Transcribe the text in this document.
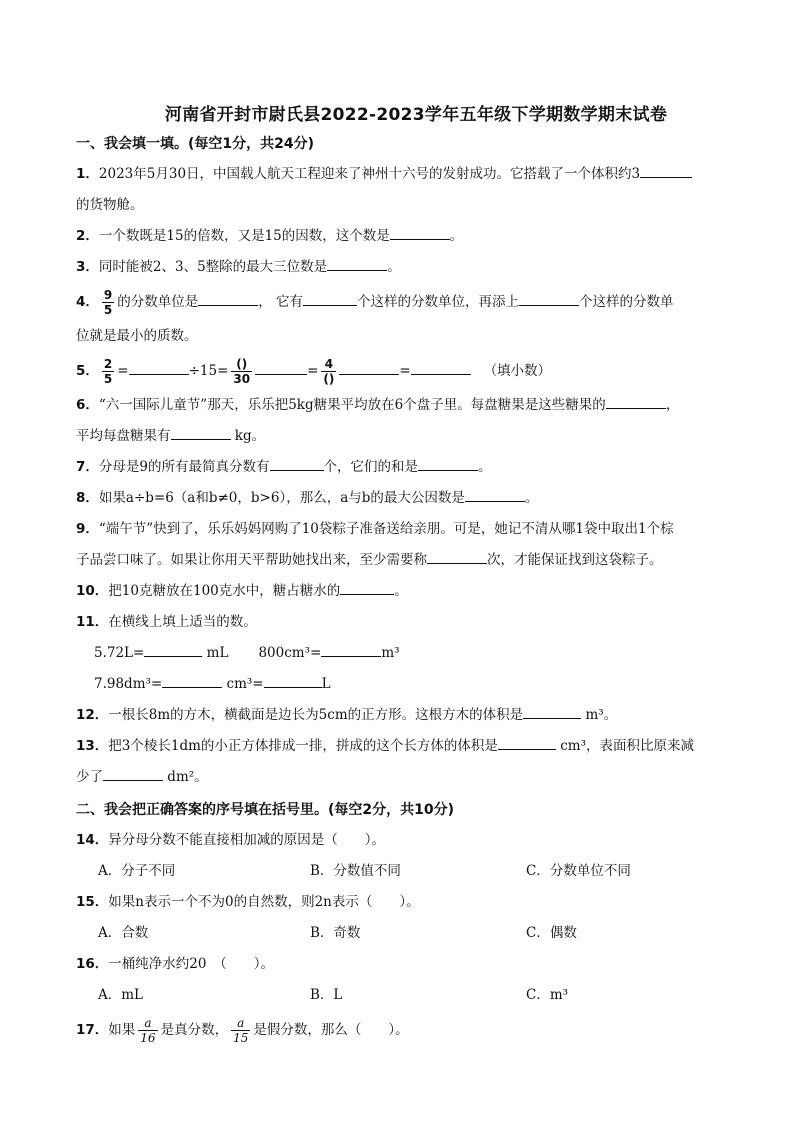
河南省开封市尉氏县2022-2023学年五年级下学期数学期末试卷
一、我会填一填。(每空1分，共24分)
1．2023年5月30日，中国载人航天工程迎来了神州十六号的发射成功。它搭载了一个体积约3
的货物舱。
2．一个数既是15的倍数，又是15的因数，这个数是	。
3．同时能被2、3、5整除的最大三位数是	。
4． $\frac{9}{5}$ 的分数单位是	， 它有	个这样的分数单位，再添上	个这样的分数单
位就是最小的质数。
5． $\frac{2}{5}$ =	$\div 15= \frac{()}{30}$	= $\frac{4}{()}$	=	（填小数）
6．“六一国际儿童节”那天，乐乐把5kg糖果平均放在6个盘子里。每盘糖果是这些糖果的	，
平均每盘糖果有	kg。
7．分母是9的所有最简真分数有	个，它们的和是	。
8．如果a÷b=6（a和b≠0，b>6），那么，a与b的最大公因数是	。
9．“端午节”快到了，乐乐妈妈网购了10袋粽子准备送给亲朋。可是，她记不清从哪1袋中取出1个棕
子品尝口味了。如果让你用天平帮助她找出来，至少需要称	次，才能保证找到这袋粽子。
10．把10克糖放在100克水中，糖占糖水的	。
11．在横线上填上适当的数。
5.72L=	mL 800cm³=	m³
7.98dm³=	cm³=	L
12．一根长8m的方木，横截面是边长为5cm的正方形。这根方木的体积是	m³。
13．把3个棱长1dm的小正方体排成一排，拼成的这个长方体的体积是	cm³，表面积比原来减
少了	dm²。
二、我会把正确答案的序号填在括号里。(每空2分，共10分)
14．异分母分数不能直接相加减的原因是（　　）。
A．分子不同	B．分数值不同	C．分数单位不同
15．如果n表示一个不为0的自然数，则2n表示（　　）。
A．合数	B．奇数	C．偶数
16．一桶纯净水约20　（　　）。
A．mL	B．L	C．m³
17．如果 $\frac{a}{16}$ 是真分数， $\frac{a}{15}$ 是假分数，那么（　　）。
